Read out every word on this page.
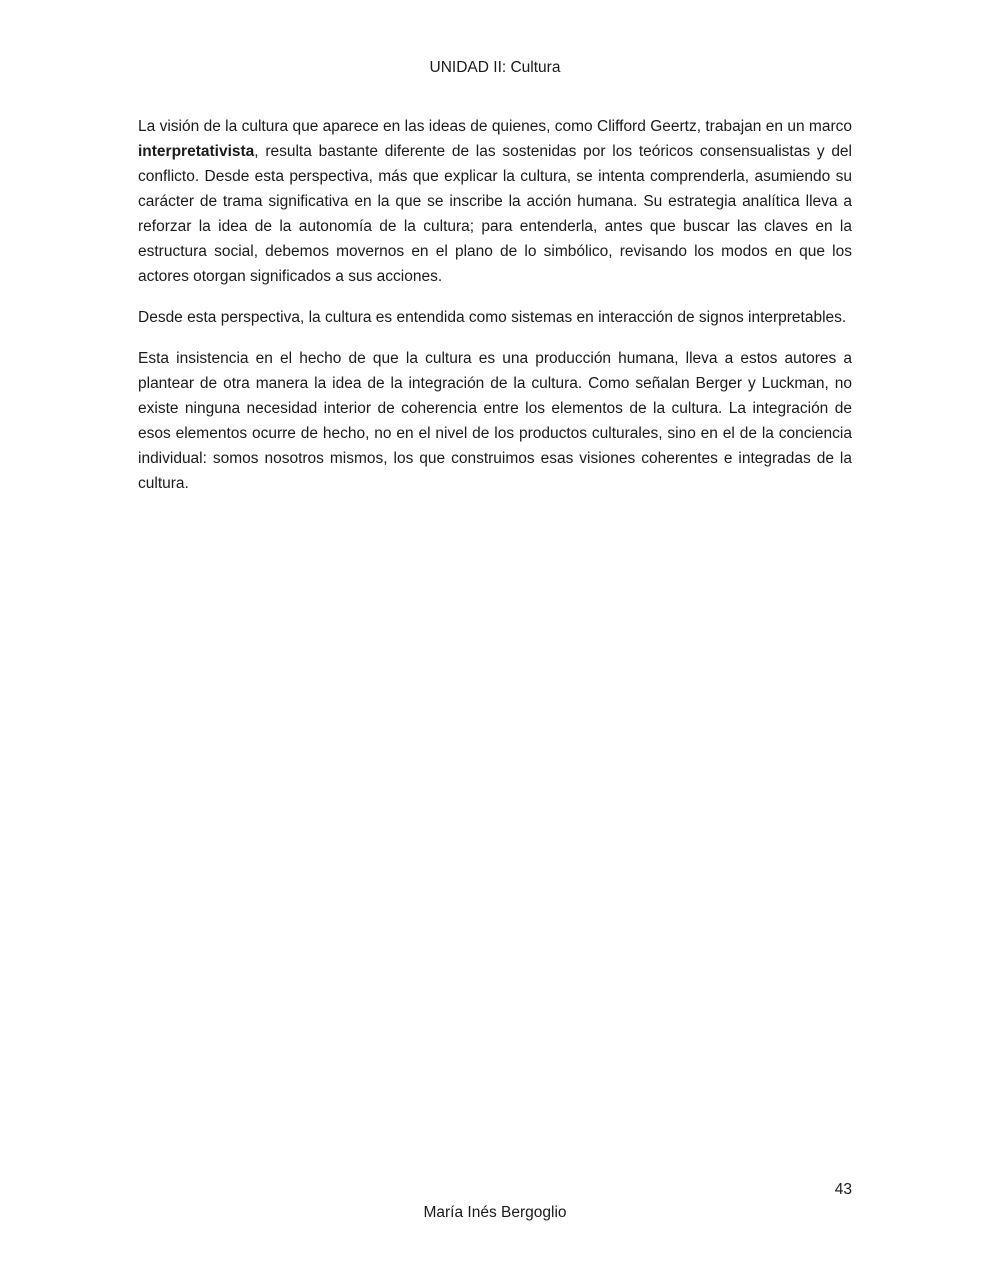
UNIDAD II: Cultura

La visión de la cultura que aparece en las ideas de quienes, como Clifford Geertz, trabajan en un marco interpretativista, resulta bastante diferente de las sostenidas por los teóricos consensualistas y del conflicto. Desde esta perspectiva, más que explicar la cultura, se intenta comprenderla, asumiendo su carácter de trama significativa en la que se inscribe la acción humana. Su estrategia analítica lleva a reforzar la idea de la autonomía de la cultura; para entenderla, antes que buscar las claves en la estructura social, debemos movernos en el plano de lo simbólico, revisando los modos en que los actores otorgan significados a sus acciones.

Desde esta perspectiva, la cultura es entendida como sistemas en interacción de signos interpretables.

Esta insistencia en el hecho de que la cultura es una producción humana, lleva a estos autores a plantear de otra manera la idea de la integración de la cultura. Como señalan Berger y Luckman, no existe ninguna necesidad interior de coherencia entre los elementos de la cultura. La integración de esos elementos ocurre de hecho, no en el nivel de los productos culturales, sino en el de la conciencia individual: somos nosotros mismos, los que construimos esas visiones coherentes e integradas de la cultura.

43
María Inés Bergoglio
